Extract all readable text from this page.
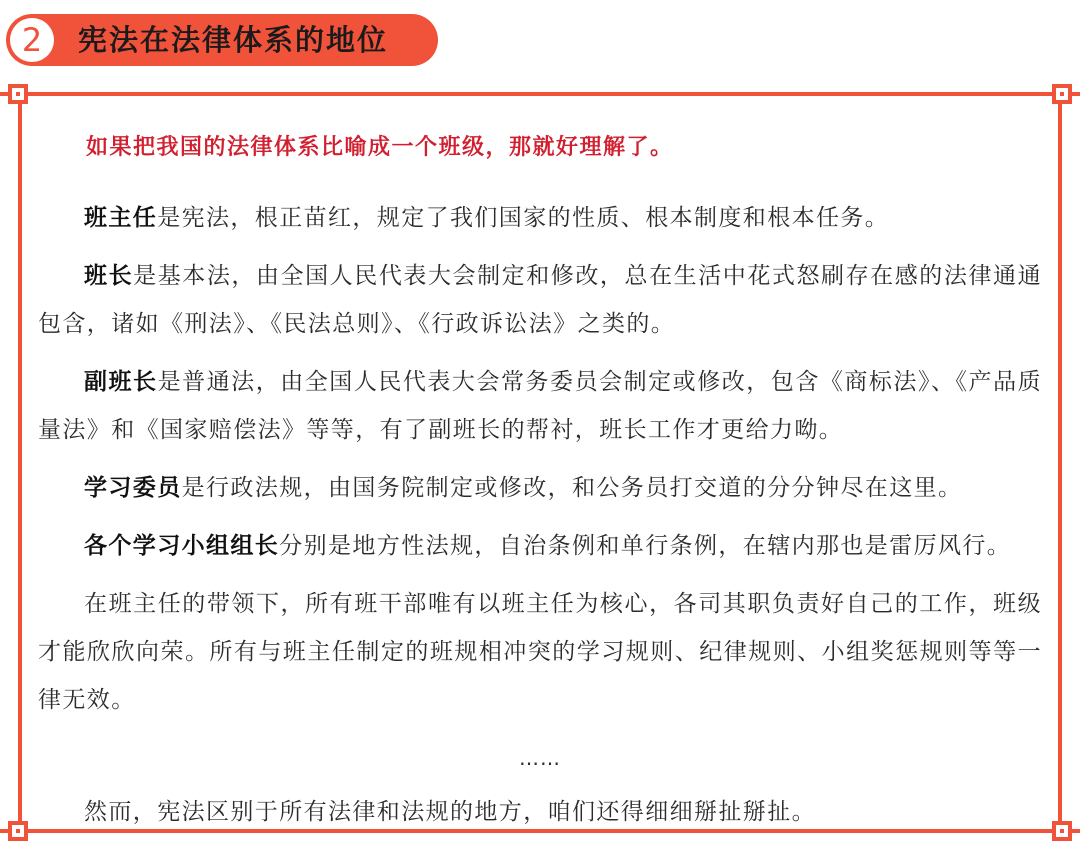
2	宪法在法律体系的地位

如果把我国的法律体系比喻成一个班级，那就好理解了。

班主任是宪法，根正苗红，规定了我们国家的性质、根本制度和根本任务。

班长是基本法，由全国人民代表大会制定和修改，总在生活中花式怒刷存在感的法律通通包含，诸如《刑法》、《民法总则》、《行政诉讼法》之类的。

副班长是普通法，由全国人民代表大会常务委员会制定或修改，包含《商标法》、《产品质量法》和《国家赔偿法》等等，有了副班长的帮衬，班长工作才更给力呦。

学习委员是行政法规，由国务院制定或修改，和公务员打交道的分分钟尽在这里。

各个学习小组组长分别是地方性法规，自治条例和单行条例，在辖内那也是雷厉风行。

在班主任的带领下，所有班干部唯有以班主任为核心，各司其职负责好自己的工作，班级才能欣欣向荣。所有与班主任制定的班规相冲突的学习规则、纪律规则、小组奖惩规则等等一律无效。

……

然而，宪法区别于所有法律和法规的地方，咱们还得细细掰扯掰扯。
